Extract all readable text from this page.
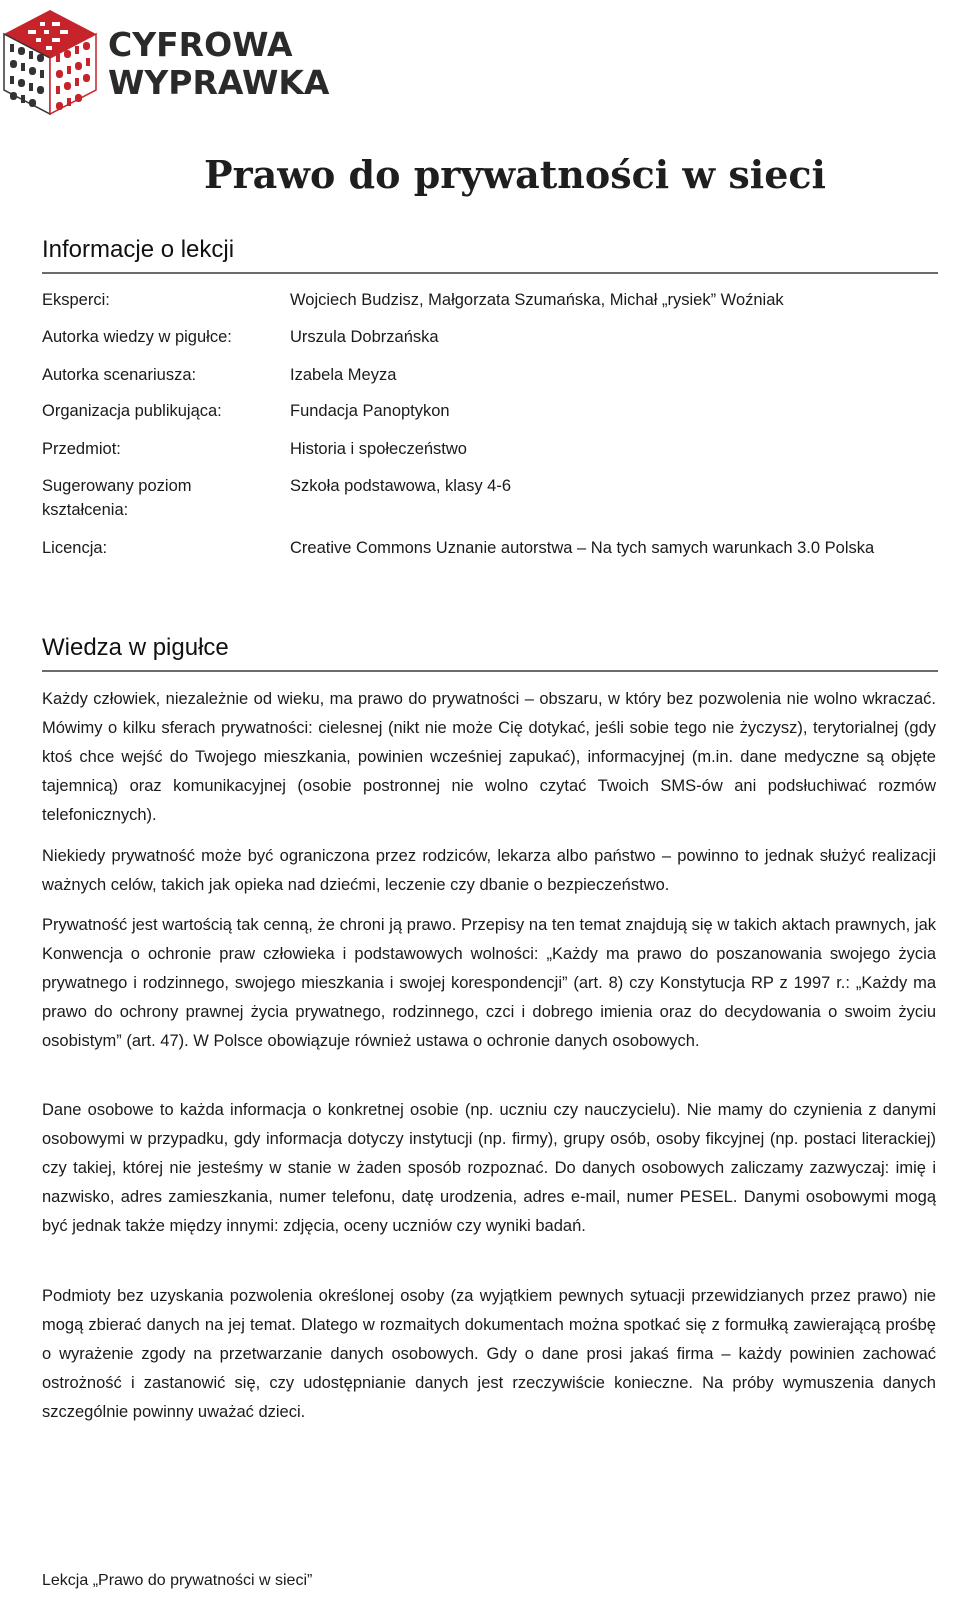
CYFROWA
WYPRAWKA
Prawo do prywatności w sieci
Informacje o lekcji
Eksperci:	Wojciech Budzisz, Małgorzata Szumańska, Michał „rysiek” Woźniak
Autorka wiedzy w pigułce:	Urszula Dobrzańska
Autorka scenariusza:	Izabela Meyza
Organizacja publikująca:	Fundacja Panoptykon
Przedmiot:	Historia i społeczeństwo
Sugerowany poziom kształcenia:
Szkoła podstawowa, klasy 4-6
Licencja:	Creative Commons Uznanie autorstwa – Na tych samych warunkach 3.0 Polska
Wiedza w pigułce
Każdy człowiek, niezależnie od wieku, ma prawo do prywatności – obszaru, w który bez pozwolenia nie wolno wkraczać. Mówimy o kilku sferach prywatności: cielesnej (nikt nie może Cię dotykać, jeśli sobie tego nie życzysz), terytorialnej (gdy ktoś chce wejść do Twojego mieszkania, powinien wcześniej zapukać), informacyjnej (m.in. dane medyczne są objęte tajemnicą) oraz komunikacyjnej (osobie postronnej nie wolno czytać Twoich SMS-ów ani podsłuchiwać rozmów telefonicznych).
Niekiedy prywatność może być ograniczona przez rodziców, lekarza albo państwo – powinno to jednak służyć realizacji ważnych celów, takich jak opieka nad dziećmi, leczenie czy dbanie o bezpieczeństwo.
Prywatność jest wartością tak cenną, że chroni ją prawo. Przepisy na ten temat znajdują się w takich aktach prawnych, jak Konwencja o ochronie praw człowieka i podstawowych wolności: „Każdy ma prawo do poszanowania swojego życia prywatnego i rodzinnego, swojego mieszkania i swojej korespondencji” (art. 8) czy Konstytucja RP z 1997 r.: „Każdy ma prawo do ochrony prawnej życia prywatnego, rodzinnego, czci i dobrego imienia oraz do decydowania o swoim życiu osobistym” (art. 47). W Polsce obowiązuje również ustawa o ochronie danych osobowych.
Dane osobowe to każda informacja o konkretnej osobie (np. uczniu czy nauczycielu). Nie mamy do czynienia z danymi osobowymi w przypadku, gdy informacja dotyczy instytucji (np. firmy), grupy osób, osoby fikcyjnej (np. postaci literackiej) czy takiej, której nie jesteśmy w stanie w żaden sposób rozpoznać. Do danych osobowych zaliczamy zazwyczaj: imię i nazwisko, adres zamieszkania, numer telefonu, datę urodzenia, adres e-mail, numer PESEL. Danymi osobowymi mogą być jednak także między innymi: zdjęcia, oceny uczniów czy wyniki badań.
Podmioty bez uzyskania pozwolenia określonej osoby (za wyjątkiem pewnych sytuacji przewidzianych przez prawo) nie mogą zbierać danych na jej temat. Dlatego w rozmaitych dokumentach można spotkać się z formułką zawierającą prośbę o wyrażenie zgody na przetwarzanie danych osobowych. Gdy o dane prosi jakaś firma – każdy powinien zachować ostrożność i zastanowić się, czy udostępnianie danych jest rzeczywiście konieczne. Na próby wymuszenia danych szczególnie powinny uważać dzieci.
Lekcja „Prawo do prywatności w sieci”
